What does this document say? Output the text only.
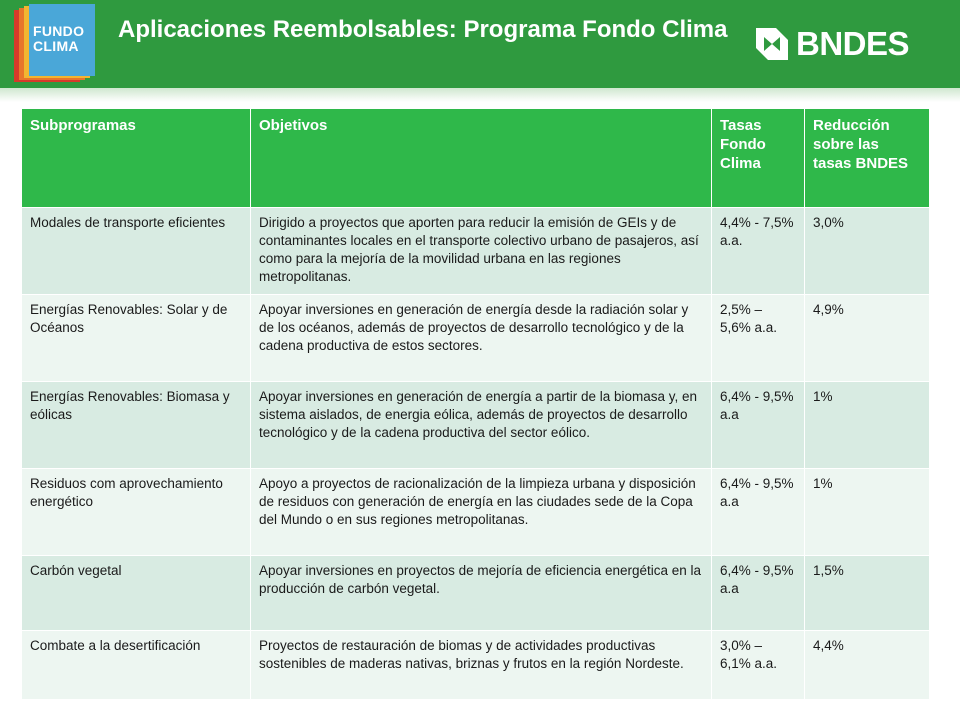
FUNDO
CLIMA
Aplicaciones Reembolsables: Programa Fondo Clima	BNDES
Subprogramas	Objetivos	Tasas Fondo Clima	Reducción sobre las tasas BNDES
Modales de transporte eficientes	Dirigido a proyectos que aporten para reducir la emisión de GEIs y de contaminantes locales en el transporte colectivo urbano de pasajeros, así como para la mejoría de la movilidad urbana en las regiones metropolitanas.	4,4% - 7,5% a.a.	3,0%
Energías Renovables: Solar y de Océanos	Apoyar inversiones en generación de energía desde la radiación solar y de los océanos, además de proyectos de desarrollo tecnológico y de la cadena productiva de estos sectores.	2,5% – 5,6% a.a.	4,9%
Energías Renovables: Biomasa y eólicas	Apoyar inversiones en generación de energía a partir de la biomasa y, en sistema aislados, de energia eólica, además de proyectos de desarrollo tecnológico y de la cadena productiva del sector eólico.	6,4% - 9,5% a.a	1%
Residuos com aprovechamiento energético	Apoyo a proyectos de racionalización de la limpieza urbana y disposición de residuos con generación de energía en las ciudades sede de la Copa del Mundo o en sus regiones metropolitanas.	6,4% - 9,5% a.a	1%
Carbón vegetal	Apoyar inversiones en proyectos de mejoría de eficiencia energética en la producción de carbón vegetal.	6,4% - 9,5% a.a	1,5%
Combate a la desertificación	Proyectos de restauración de biomas y de actividades productivas sostenibles de maderas nativas, briznas y frutos en la región Nordeste.	3,0% – 6,1% a.a.	4,4%
